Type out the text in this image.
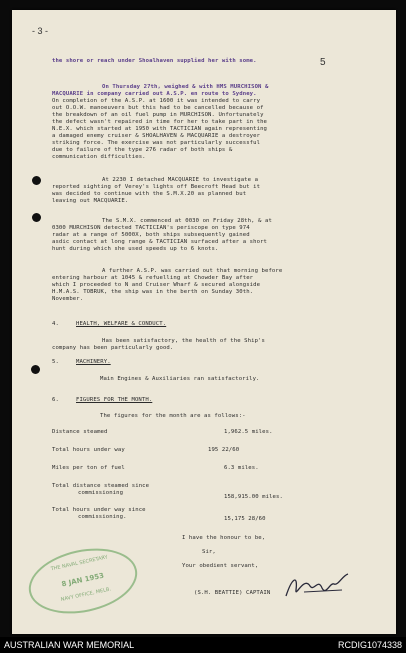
- 3 -
5
the shore or reach under Shoalhaven supplied her with some.
On Thursday 27th, weighed & with HMS MURCHISON &
MACQUARIE in company carried out A.S.P. en route to Sydney.
On completion of the A.S.P. at 1600 it was intended to carry
out O.O.W. manoeuvers but this had to be cancelled because of
the breakdown of an oil fuel pump in MURCHISON. Unfortunately
the defect wasn't repaired in time for her to take part in the
N.E.X. which started at 1950 with TACTICIAN again representing
a damaged enemy cruiser & SHOALHAVEN & MACQUARIE a destroyer
striking force. The exercise was not particularly successful
due to failure of the type 276 radar of both ships &
communication difficulties.
At 2230 I detached MACQUARIE to investigate a
reported sighting of Verey's lights off Beecroft Head but it
was decided to continue with the S.M.X.20 as planned but
leaving out MACQUARIE.
The S.M.X. commenced at 0030 on Friday 28th, & at
0300 MURCHISON detected TACTICIAN's periscope on type 974
radar at a range of 5000X, both ships subsequently gained
asdic contact at long range & TACTICIAN surfaced after a short
hunt during which she used speeds up to 6 knots.
A further A.S.P. was carried out that morning before
entering harbour at 1045 & refuelling at Chowder Bay after
which I proceeded to N and Cruiser Wharf & secured alongside
H.M.A.S. TOBRUK, the ship was in the berth on Sunday 30th.
November.
4.	HEALTH, WELFARE & CONDUCT.
Has been satisfactory, the health of the Ship's
company has been particularly good.
5.	MACHINERY.
Main Engines & Auxiliaries ran satisfactorily.
6.	FIGURES FOR THE MONTH.
The figures for the month are as follows:-
Distance steamed	1,962.5 miles.
Total hours under way	195 22/60
Miles per ton of fuel	6.3 miles.
Total distance steamed since
commissioning
158,915.00 miles.
Total hours under way since
commissioning.	15,175 28/60
I have the honour to be,
Sir,
Your obedient servant,
(S.H. BEATTIE) CAPTAIN
THE NAVAL SECRETARY
8 JAN 1953
NAVY OFFICE, MELB.
AUSTRALIAN WAR MEMORIAL	RCDIG1074338
